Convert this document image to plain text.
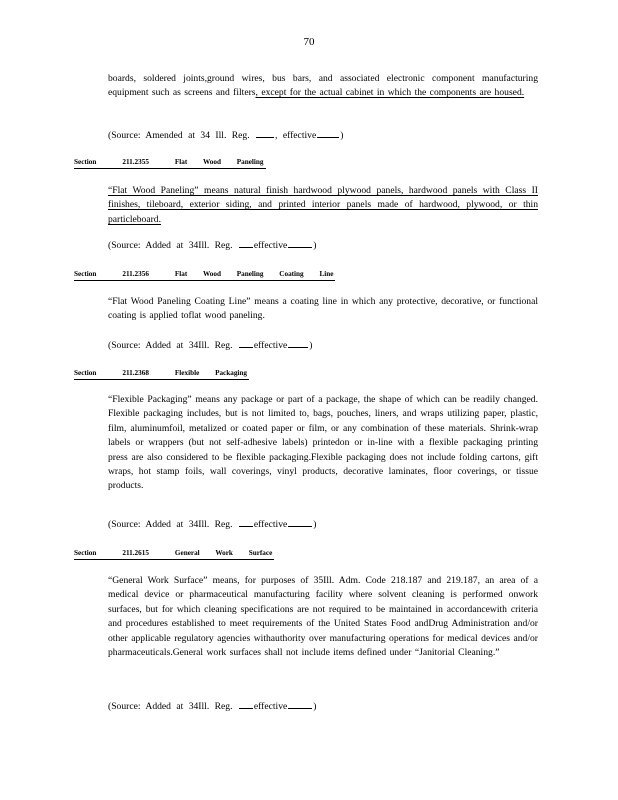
70
boards, soldered joints,ground wires, bus bars, and associated electronic component manufacturing equipment such as screens and filters, except for the actual cabinet in which the components are housed.
(Source: Amended at 34 Ill. Reg.	, effective	)
Section	211.2355	Flat Wood Paneling
“Flat Wood Paneling” means natural finish hardwood plywood panels, hardwood panels with Class II finishes, tileboard, exterior siding, and printed interior panels made of hardwood, plywood, or thin particleboard.
(Source: Added at 34Ill. Reg. effective	)
Section	211.2356	Flat Wood Paneling Coating Line
“Flat Wood Paneling Coating Line” means a coating line in which any protective, decorative, or functional coating is applied toflat wood paneling.
(Source: Added at 34Ill. Reg. effective )
Section	211.2368	Flexible Packaging
“Flexible Packaging” means any package or part of a package, the shape of which can be readily changed. Flexible packaging includes, but is not limited to, bags, pouches, liners, and wraps utilizing paper, plastic, film, aluminumfoil, metalized or coated paper or film, or any combination of these materials. Shrink-wrap labels or wrappers (but not self-adhesive labels) printedon or in-line with a flexible packaging printing press are also considered to be flexible packaging.Flexible packaging does not include folding cartons, gift wraps, hot stamp foils, wall coverings, vinyl products, decorative laminates, floor coverings, or tissue products.
(Source: Added at 34Ill. Reg. effective	)
Section	211.2615	General Work Surface
“General Work Surface” means, for purposes of 35Ill. Adm. Code 218.187 and 219.187, an area of a medical device or pharmaceutical manufacturing facility where solvent cleaning is performed onwork surfaces, but for which cleaning specifications are not required to be maintained in accordancewith criteria and procedures established to meet requirements of the United States Food andDrug Administration and/or other applicable regulatory agencies withauthority over manufacturing operations for medical devices and/or pharmaceuticals.General work surfaces shall not include items defined under “Janitorial Cleaning.”
(Source: Added at 34Ill. Reg. effective	)
